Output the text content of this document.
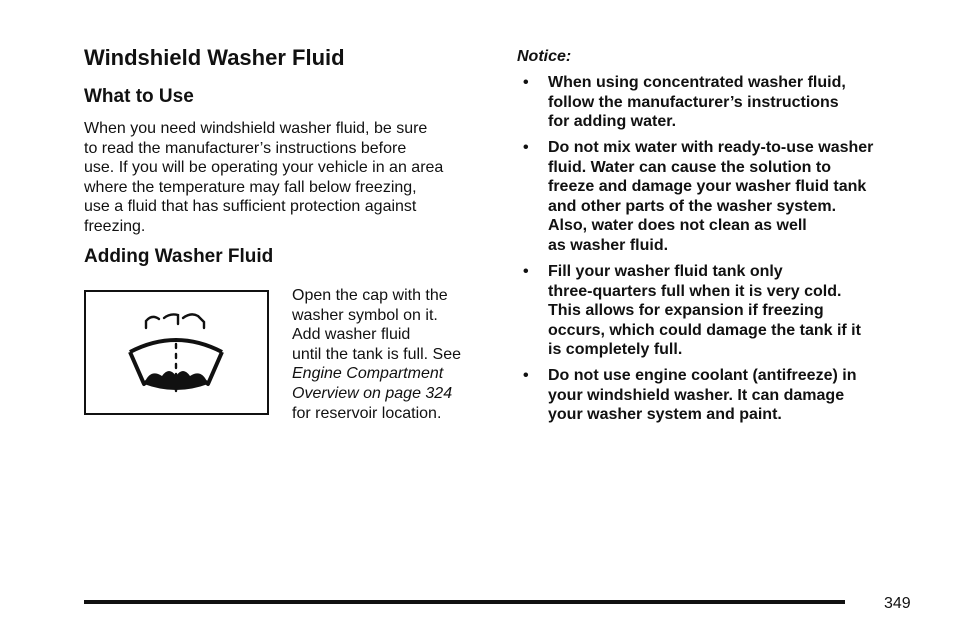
Windshield Washer Fluid
What to Use

When you need windshield washer fluid, be sure
to read the manufacturer’s instructions before
use. If you will be operating your vehicle in an area
where the temperature may fall below freezing,
use a fluid that has sufficient protection against
freezing.

Adding Washer Fluid
Open the cap with the
washer symbol on it.
Add washer fluid
until the tank is full. See
Engine Compartment
Overview on page 324
for reservoir location.
Notice:
•	When using concentrated washer fluid,
follow the manufacturer’s instructions
for adding water.
•	Do not mix water with ready-to-use washer
fluid. Water can cause the solution to
freeze and damage your washer fluid tank
and other parts of the washer system.
Also, water does not clean as well
as washer fluid.
•	Fill your washer fluid tank only
three-quarters full when it is very cold.
This allows for expansion if freezing
occurs, which could damage the tank if it
is completely full.
•	Do not use engine coolant (antifreeze) in
your windshield washer. It can damage
your washer system and paint.
349
